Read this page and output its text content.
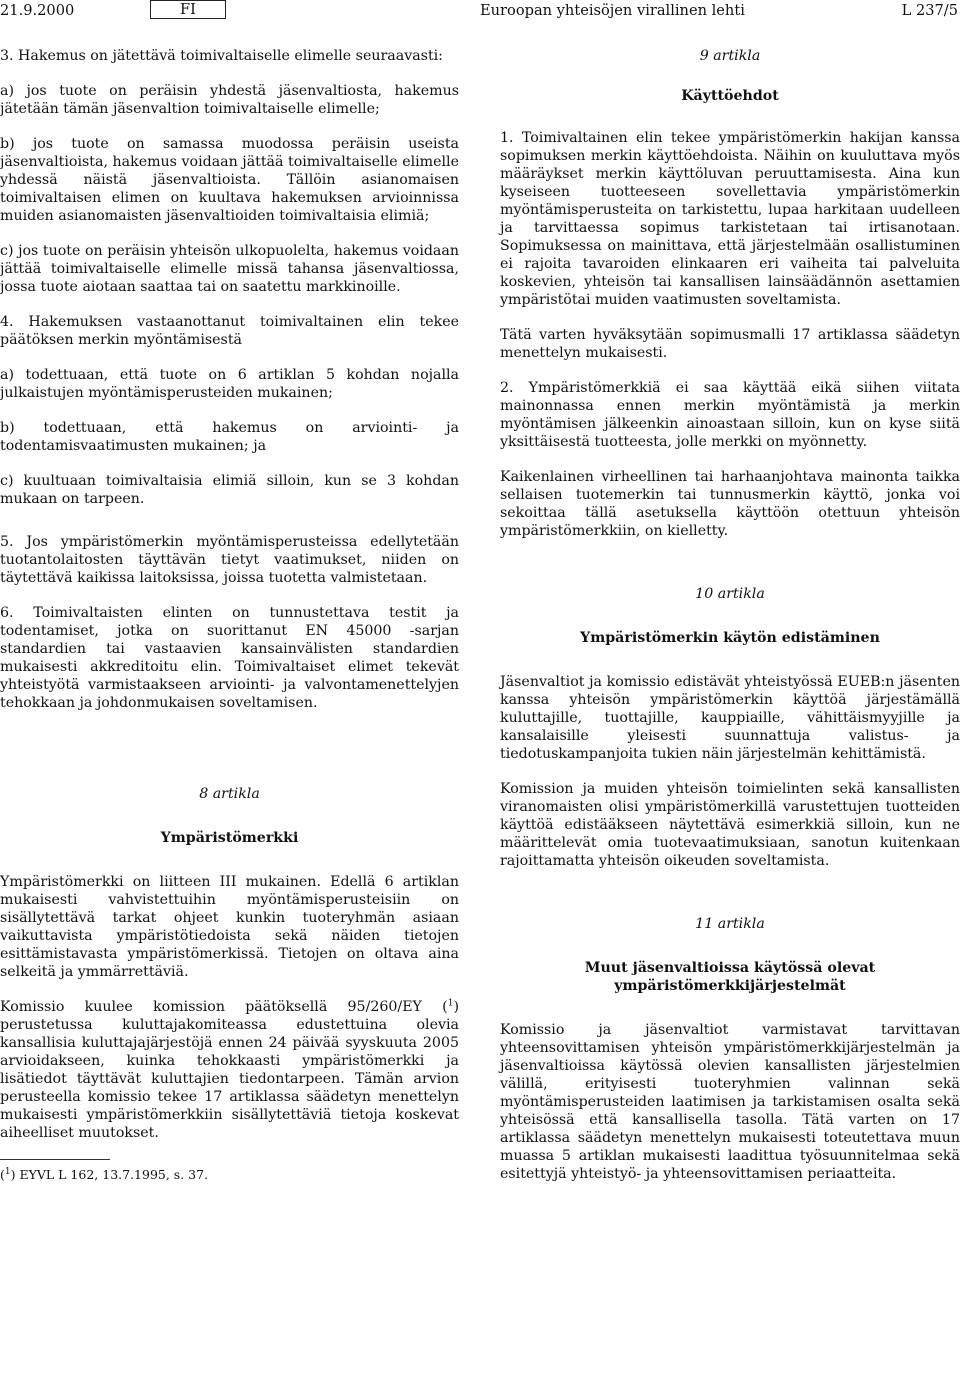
21.9.2000	FI	Euroopan yhteisöjen virallinen lehti	L 237/5

3. Hakemus on jätettävä toimivaltaiselle elimelle seuraavasti:

a) jos tuote on peräisin yhdestä jäsenvaltiosta, hakemus jätetään tämän jäsenvaltion toimivaltaiselle elimelle;

b) jos tuote on samassa muodossa peräisin useista jäsenvaltioista, hakemus voidaan jättää toimivaltaiselle elimelle yhdessä näistä jäsenvaltioista. Tällöin asianomaisen toimivaltaisen elimen on kuultava hakemuksen arvioinnissa muiden asianomaisten jäsenvaltioiden toimivaltaisia elimiä;

c) jos tuote on peräisin yhteisön ulkopuolelta, hakemus voidaan jättää toimivaltaiselle elimelle missä tahansa jäsenvaltiossa, jossa tuote aiotaan saattaa tai on saatettu markkinoille.

4. Hakemuksen vastaanottanut toimivaltainen elin tekee päätöksen merkin myöntämisestä

a) todettuaan, että tuote on 6 artiklan 5 kohdan nojalla julkaistujen myöntämisperusteiden mukainen;

b) todettuaan, että hakemus on arviointi- ja todentamisvaatimusten mukainen; ja

c) kuultuaan toimivaltaisia elimiä silloin, kun se 3 kohdan mukaan on tarpeen.

5. Jos ympäristömerkin myöntämisperusteissa edellytetään tuotantolaitosten täyttävän tietyt vaatimukset, niiden on täytettävä kaikissa laitoksissa, joissa tuotetta valmistetaan.

6. Toimivaltaisten elinten on tunnustettava testit ja todentamiset, jotka on suorittanut EN 45000 -sarjan standardien tai vastaavien kansainvälisten standardien mukaisesti akkreditoitu elin. Toimivaltaiset elimet tekevät yhteistyötä varmistaakseen arviointi- ja valvontamenettelyjen tehokkaan ja johdonmukaisen soveltamisen.

8 artikla
Ympäristömerkki

Ympäristömerkki on liitteen III mukainen. Edellä 6 artiklan mukaisesti vahvistettuihin myöntämisperusteisiin on sisällytettävä tarkat ohjeet kunkin tuoteryhmän asiaan vaikuttavista ympäristötiedoista sekä näiden tietojen esittämistavasta ympäristömerkissä. Tietojen on oltava aina selkeitä ja ymmärrettäviä.

Komissio kuulee komission päätöksellä 95/260/EY ($^1$) perustetussa kuluttajakomiteassa edustettuina olevia kansallisia kuluttajajärjestöjä ennen 24 päivää syyskuuta 2005 arvioidakseen, kuinka tehokkaasti ympäristömerkki ja lisätiedot täyttävät kuluttajien tiedontarpeen. Tämän arvion perusteella komissio tekee 17 artiklassa säädetyn menettelyn mukaisesti ympäristömerkkiin sisällytettäviä tietoja koskevat aiheelliset muutokset.

($^1$) EYVL L 162, 13.7.1995, s. 37.

9 artikla
Käyttöehdot

1. Toimivaltainen elin tekee ympäristömerkin hakijan kanssa sopimuksen merkin käyttöehdoista. Näihin on kuuluttava myös määräykset merkin käyttöluvan peruuttamisesta. Aina kun kyseiseen tuotteeseen sovellettavia ympäristömerkin myöntämisperusteita on tarkistettu, lupaa harkitaan uudelleen ja tarvittaessa sopimus tarkistetaan tai irtisanotaan. Sopimuksessa on mainittava, että järjestelmään osallistuminen ei rajoita tavaroiden elinkaaren eri vaiheita tai palveluita koskevien, yhteisön tai kansallisen lainsäädännön asettamien ympäristötai muiden vaatimusten soveltamista.

Tätä varten hyväksytään sopimusmalli 17 artiklassa säädetyn menettelyn mukaisesti.

2. Ympäristömerkkiä ei saa käyttää eikä siihen viitata mainonnassa ennen merkin myöntämistä ja merkin myöntämisen jälkeenkin ainoastaan silloin, kun on kyse siitä yksittäisestä tuotteesta, jolle merkki on myönnetty.

Kaikenlainen virheellinen tai harhaanjohtava mainonta taikka sellaisen tuotemerkin tai tunnusmerkin käyttö, jonka voi sekoittaa tällä asetuksella käyttöön otettuun yhteisön ympäristömerkkiin, on kielletty.

10 artikla
Ympäristömerkin käytön edistäminen

Jäsenvaltiot ja komissio edistävät yhteistyössä EUEB:n jäsenten kanssa yhteisön ympäristömerkin käyttöä järjestämällä kuluttajille, tuottajille, kauppiaille, vähittäismyyjille ja kansalaisille yleisesti suunnattuja valistus- ja tiedotuskampanjoita tukien näin järjestelmän kehittämistä.

Komission ja muiden yhteisön toimielinten sekä kansallisten viranomaisten olisi ympäristömerkillä varustettujen tuotteiden käyttöä edistääkseen näytettävä esimerkkiä silloin, kun ne määrittelevät omia tuotevaatimuksiaan, sanotun kuitenkaan rajoittamatta yhteisön oikeuden soveltamista.

11 artikla
Muut jäsenvaltioissa käytössä olevat ympäristömerkkijärjestelmät

Komissio ja jäsenvaltiot varmistavat tarvittavan yhteensovittamisen yhteisön ympäristömerkkijärjestelmän ja jäsenvaltioissa käytössä olevien kansallisten järjestelmien välillä, erityisesti tuoteryhmien valinnan sekä myöntämisperusteiden laatimisen ja tarkistamisen osalta sekä yhteisössä että kansallisella tasolla. Tätä varten on 17 artiklassa säädetyn menettelyn mukaisesti toteutettava muun muassa 5 artiklan mukaisesti laadittua työsuunnitelmaa sekä esitettyjä yhteistyö- ja yhteensovittamisen periaatteita.
